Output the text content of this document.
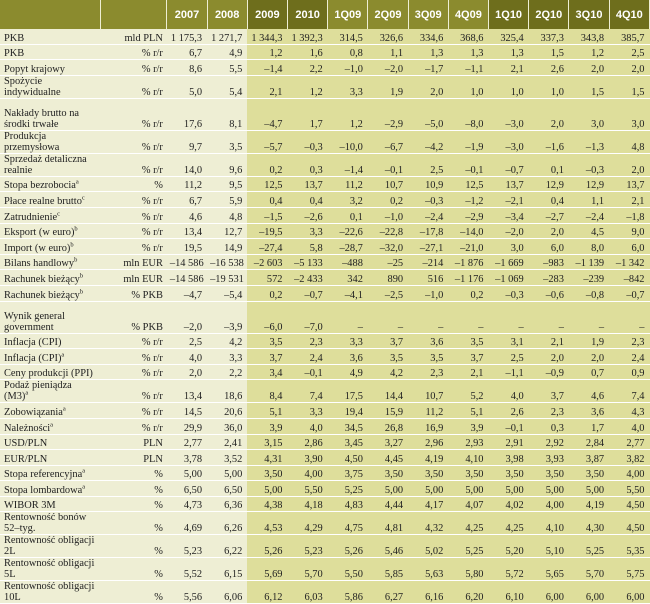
		2007	2008	2009	2010	1Q09	2Q09	3Q09	4Q09	1Q10	2Q10	3Q10	4Q10
PKB	mld PLN	1 175,3	1 271,7	1 344,3	1 392,3	314,5	326,6	334,6	368,6	325,4	337,3	343,8	385,7
PKB	% r/r	6,7	4,9	1,2	1,6	0,8	1,1	1,3	1,3	1,3	1,5	1,2	2,5
Popyt krajowy	% r/r	8,6	5,5	–1,4	2,2	–1,0	–2,0	–1,7	–1,1	2,1	2,6	2,0	2,0
Spożycie indywidualne	% r/r	5,0	5,4	2,1	1,2	3,3	1,9	2,0	1,0	1,0	1,0	1,5	1,5
Nakłady brutto na środki trwałe	% r/r	17,6	8,1	–4,7	1,7	1,2	–2,9	–5,0	–8,0	–3,0	2,0	3,0	3,0
Produkcja przemysłowa	% r/r	9,7	3,5	–5,7	–0,3	–10,0	–6,7	–4,2	–1,9	–3,0	–1,6	–1,3	4,8
Sprzedaż detaliczna realnie	% r/r	14,0	9,6	0,2	0,3	–1,4	–0,1	2,5	–0,1	–0,7	0,1	–0,3	2,0
Stopa bezrobocia$^a$	%	11,2	9,5	12,5	13,7	11,2	10,7	10,9	12,5	13,7	12,9	12,9	13,7
Płace realne brutto$^c$	% r/r	6,7	5,9	0,4	0,4	3,2	0,2	–0,3	–1,2	–2,1	0,4	1,1	2,1
Zatrudnienie$^c$	% r/r	4,6	4,8	–1,5	–2,6	0,1	–1,0	–2,4	–2,9	–3,4	–2,7	–2,4	–1,8
Eksport (w euro)$^b$	% r/r	13,4	12,7	–19,5	3,3	–22,6	–22,8	–17,8	–14,0	–2,0	2,0	4,5	9,0
Import (w euro)$^b$	% r/r	19,5	14,9	–27,4	5,8	–28,7	–32,0	–27,1	–21,0	3,0	6,0	8,0	6,0
Bilans handlowy$^b$	mln EUR	–14 586	–16 538	–2 603	–5 133	–488	–25	–214	–1 876	–1 669	–983	–1 139	–1 342
Rachunek bieżący$^b$	mln EUR	–14 586	–19 531	572	–2 433	342	890	516	–1 176	–1 069	–283	–239	–842
Rachunek bieżący$^b$	% PKB	–4,7	–5,4	0,2	–0,7	–4,1	–2,5	–1,0	0,2	–0,3	–0,6	–0,8	–0,7
Wynik general government	% PKB	–2,0	–3,9	–6,0	–7,0	–	–	–	–	–	–	–	–
Inflacja (CPI)	% r/r	2,5	4,2	3,5	2,3	3,3	3,7	3,6	3,5	3,1	2,1	1,9	2,3
Inflacja (CPI)$^a$	% r/r	4,0	3,3	3,7	2,4	3,6	3,5	3,5	3,7	2,5	2,0	2,0	2,4
Ceny produkcji (PPI)	% r/r	2,0	2,2	3,4	–0,1	4,9	4,2	2,3	2,1	–1,1	–0,9	0,7	0,9
Podaż pieniądza $(M3)^a$	% r/r	13,4	18,6	8,4	7,4	17,5	14,4	10,7	5,2	4,0	3,7	4,6	7,4
Zobowiązania$^a$	% r/r	14,5	20,6	5,1	3,3	19,4	15,9	11,2	5,1	2,6	2,3	3,6	4,3
Należności$^a$	% r/r	29,9	36,0	3,9	4,0	34,5	26,8	16,9	3,9	–0,1	0,3	1,7	4,0
USD/PLN	PLN	2,77	2,41	3,15	2,86	3,45	3,27	2,96	2,93	2,91	2,92	2,84	2,77
EUR/PLN	PLN	3,78	3,52	4,31	3,90	4,50	4,45	4,19	4,10	3,98	3,93	3,87	3,82
Stopa referencyjna$^a$	%	5,00	5,00	3,50	4,00	3,75	3,50	3,50	3,50	3,50	3,50	3,50	4,00
Stopa lombardowa$^a$	%	6,50	6,50	5,00	5,50	5,25	5,00	5,00	5,00	5,00	5,00	5,00	5,50
WIBOR 3M	%	4,73	6,36	4,38	4,18	4,83	4,44	4,17	4,07	4,02	4,00	4,19	4,50
Rentowność bonów 52–tyg.	%	4,69	6,26	4,53	4,29	4,75	4,81	4,32	4,25	4,25	4,10	4,30	4,50
Rentowność obligacji 2L	%	5,23	6,22	5,26	5,23	5,26	5,46	5,02	5,25	5,20	5,10	5,25	5,35
Rentowność obligacji 5L	%	5,52	6,15	5,69	5,70	5,50	5,85	5,63	5,80	5,72	5,65	5,70	5,75
Rentowność obligacji 10L	%	5,56	6,06	6,12	6,03	5,86	6,27	6,16	6,20	6,10	6,00	6,00	6,00
